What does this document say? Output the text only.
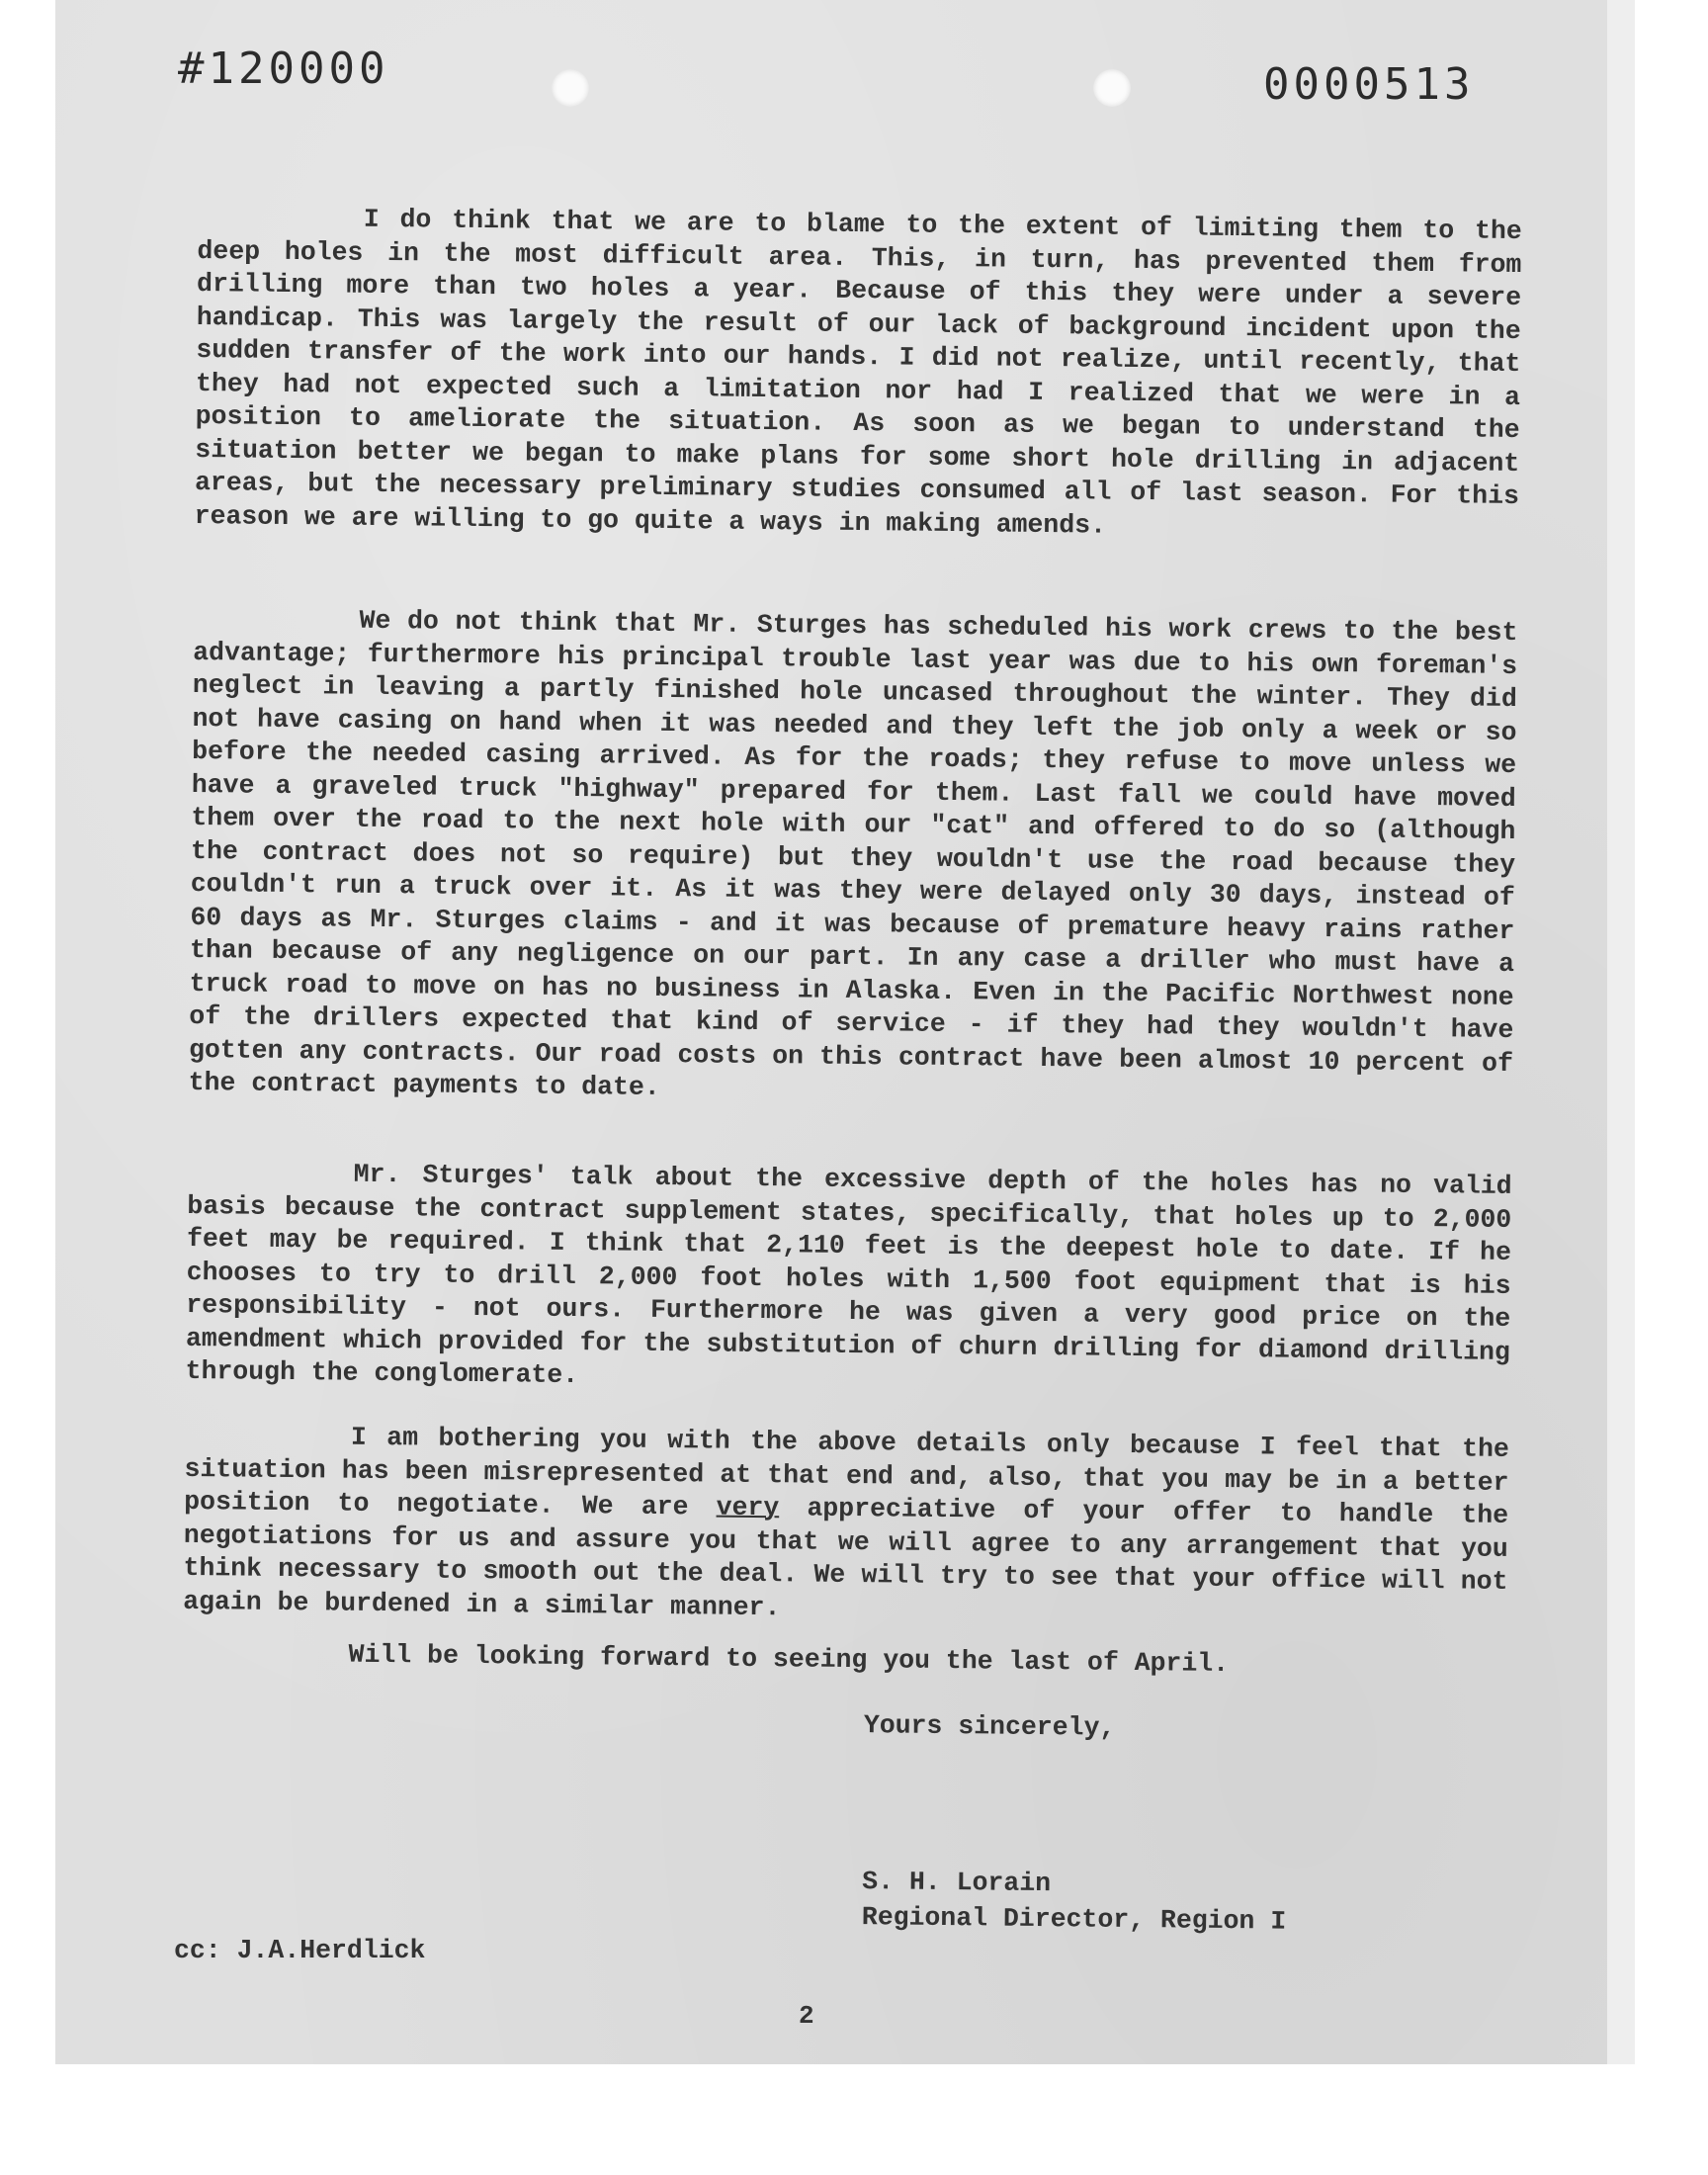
#120000	0000513

I do think that we are to blame to the extent of limiting them to the deep holes in the most difficult area. This, in turn, has prevented them from drilling more than two holes a year. Because of this they were under a severe handicap. This was largely the result of our lack of background incident upon the sudden transfer of the work into our hands. I did not realize, until recently, that they had not expected such a limitation nor had I realized that we were in a position to ameliorate the situation. As soon as we began to understand the situation better we began to make plans for some short hole drilling in adjacent areas, but the necessary preliminary studies consumed all of last season. For this reason we are willing to go quite a ways in making amends.

We do not think that Mr. Sturges has scheduled his work crews to the best advantage; furthermore his principal trouble last year was due to his own foreman's neglect in leaving a partly finished hole uncased throughout the winter. They did not have casing on hand when it was needed and they left the job only a week or so before the needed casing arrived. As for the roads; they refuse to move unless we have a graveled truck "highway" prepared for them. Last fall we could have moved them over the road to the next hole with our "cat" and offered to do so (although the contract does not so require) but they wouldn't use the road because they couldn't run a truck over it. As it was they were delayed only 30 days, instead of 60 days as Mr. Sturges claims - and it was because of premature heavy rains rather than because of any negligence on our part. In any case a driller who must have a truck road to move on has no business in Alaska. Even in the Pacific Northwest none of the drillers expected that kind of service - if they had they wouldn't have gotten any contracts. Our road costs on this contract have been almost 10 percent of the contract payments to date.

Mr. Sturges' talk about the excessive depth of the holes has no valid basis because the contract supplement states, specifically, that holes up to 2,000 feet may be required. I think that 2,110 feet is the deepest hole to date. If he chooses to try to drill 2,000 foot holes with 1,500 foot equipment that is his responsibility - not ours. Furthermore he was given a very good price on the amendment which provided for the substitution of churn drilling for diamond drilling through the conglomerate.

I am bothering you with the above details only because I feel that the situation has been misrepresented at that end and, also, that you may be in a better position to negotiate. We are very appreciative of your offer to handle the negotiations for us and assure you that we will agree to any arrangement that you think necessary to smooth out the deal. We will try to see that your office will not again be burdened in a similar manner.

Will be looking forward to seeing you the last of April.

Yours sincerely,

S. H. Lorain

Regional Director, Region I

cc: J.A.Herdlick
2
